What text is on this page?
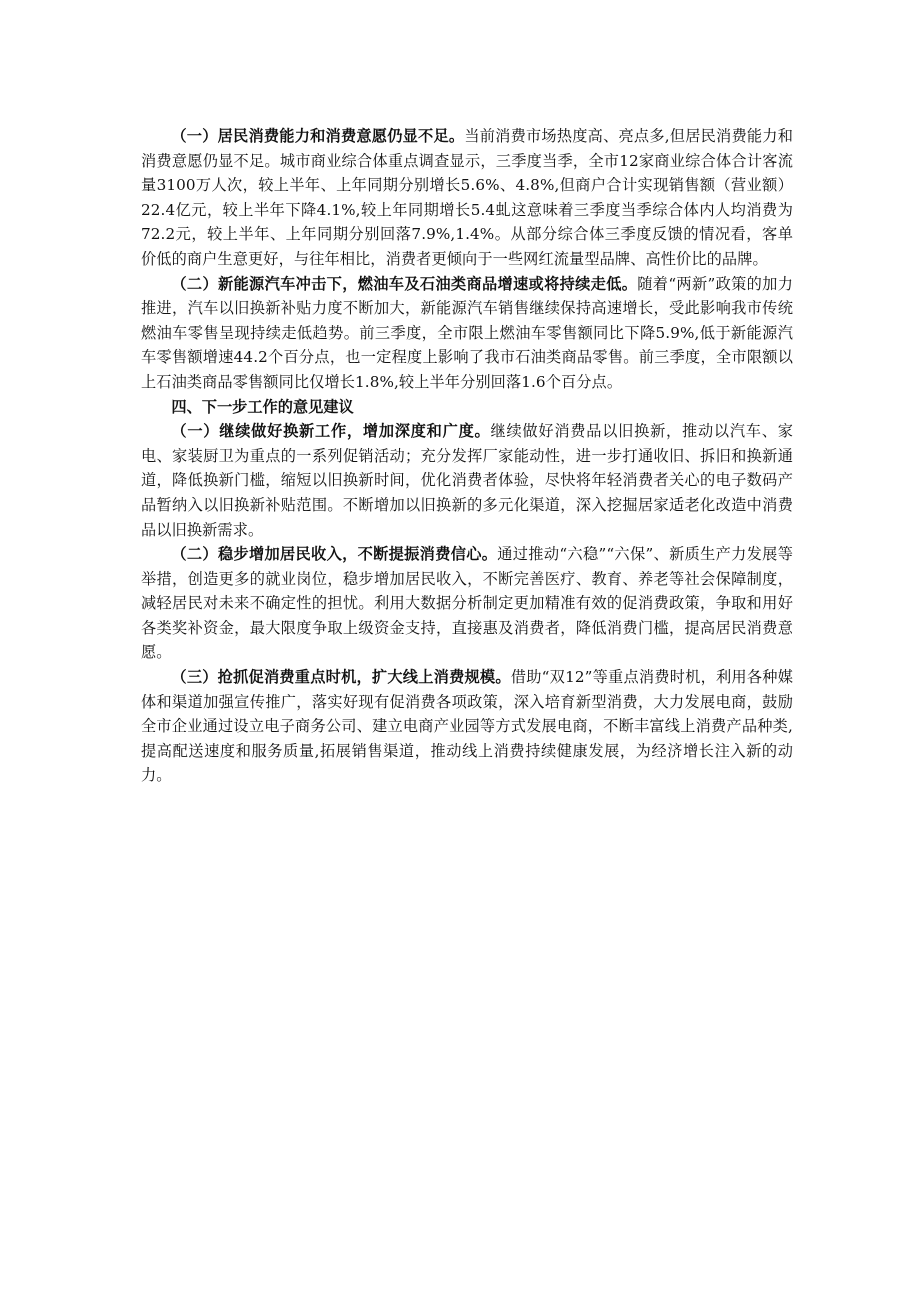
（一）居民消费能力和消费意愿仍显不足。当前消费市场热度高、亮点多,但居民消费能力和消费意愿仍显不足。城市商业综合体重点调查显示，三季度当季，全市12家商业综合体合计客流量3100万人次，较上半年、上年同期分别增长5.6%、4.8%,但商户合计实现销售额（营业额）22.4亿元，较上半年下降4.1%,较上年同期增长5.4虬这意味着三季度当季综合体内人均消费为72.2元，较上半年、上年同期分别回落7.9%,1.4%。从部分综合体三季度反馈的情况看，客单价低的商户生意更好，与往年相比，消费者更倾向于一些网红流量型品牌、高性价比的品牌。

（二）新能源汽车冲击下，燃油车及石油类商品增速或将持续走低。随着“两新”政策的加力推进，汽车以旧换新补贴力度不断加大，新能源汽车销售继续保持高速增长，受此影响我市传统燃油车零售呈现持续走低趋势。前三季度，全市限上燃油车零售额同比下降5.9%,低于新能源汽车零售额增速44.2个百分点，也一定程度上影响了我市石油类商品零售。前三季度，全市限额以上石油类商品零售额同比仅增长1.8%,较上半年分别回落1.6个百分点。

四、下一步工作的意见建议

（一）继续做好换新工作，增加深度和广度。继续做好消费品以旧换新，推动以汽车、家电、家装厨卫为重点的一系列促销活动；充分发挥厂家能动性，进一步打通收旧、拆旧和换新通道，降低换新门槛，缩短以旧换新时间，优化消费者体验，尽快将年轻消费者关心的电子数码产品暂纳入以旧换新补贴范围。不断增加以旧换新的多元化渠道，深入挖掘居家适老化改造中消费品以旧换新需求。

（二）稳步增加居民收入，不断提振消费信心。通过推动“六稳”“六保”、新质生产力发展等举措，创造更多的就业岗位，稳步增加居民收入，不断完善医疗、教育、养老等社会保障制度，减轻居民对未来不确定性的担忧。利用大数据分析制定更加精准有效的促消费政策，争取和用好各类奖补资金，最大限度争取上级资金支持，直接惠及消费者，降低消费门槛，提高居民消费意愿。

（三）抢抓促消费重点时机，扩大线上消费规模。借助“双12”等重点消费时机，利用各种媒体和渠道加强宣传推广，落实好现有促消费各项政策，深入培育新型消费，大力发展电商，鼓励全市企业通过设立电子商务公司、建立电商产业园等方式发展电商，不断丰富线上消费产品种类,提高配送速度和服务质量,拓展销售渠道，推动线上消费持续健康发展，为经济增长注入新的动力。
